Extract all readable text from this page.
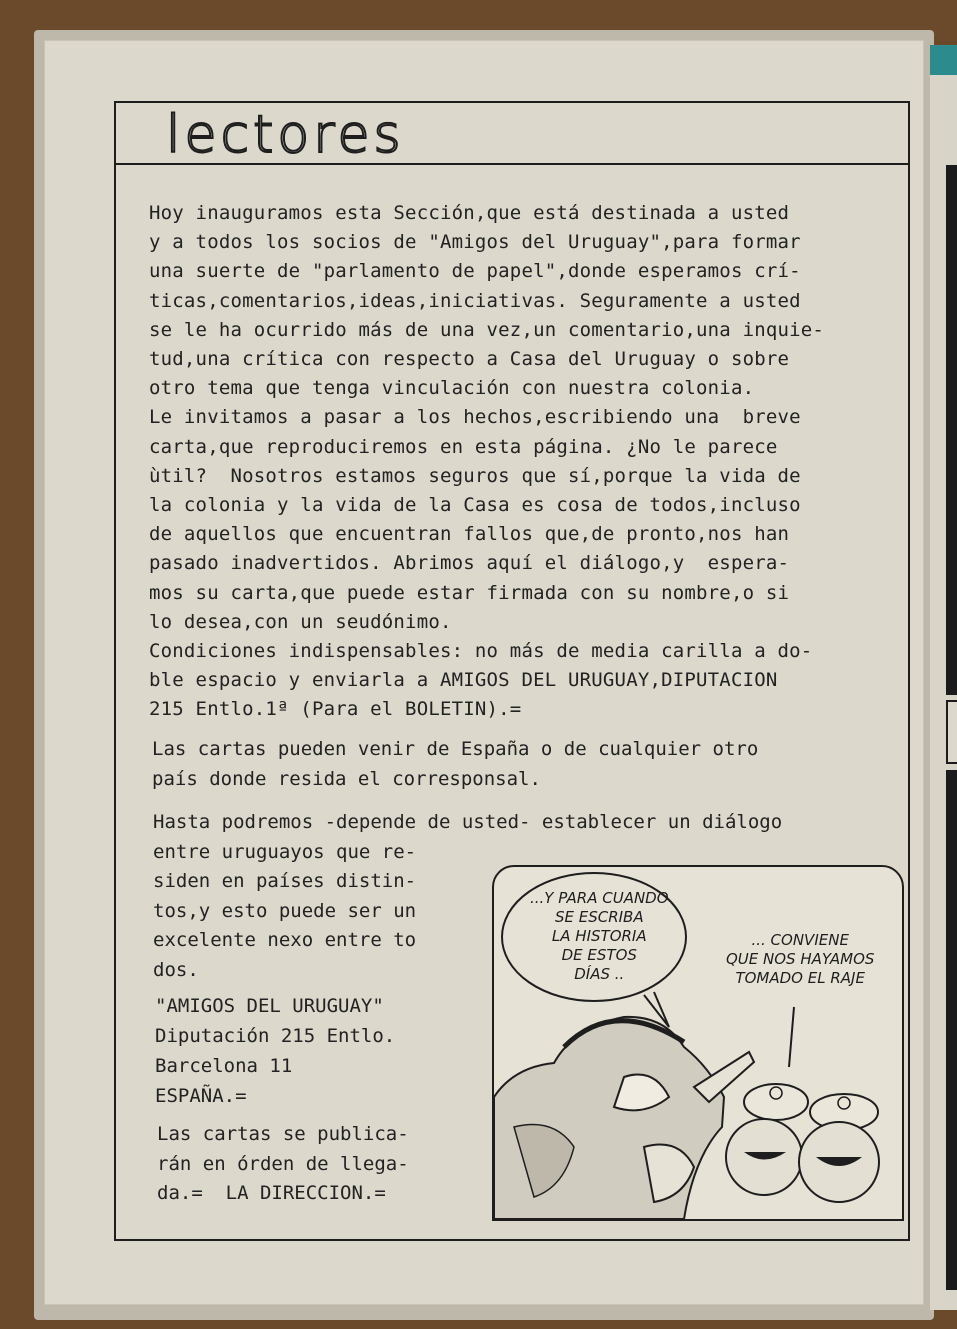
lectores
Hoy inauguramos esta Sección,que está destinada a usted
y a todos los socios de "Amigos del Uruguay",para formar
una suerte de "parlamento de papel",donde esperamos crí-
ticas,comentarios,ideas,iniciativas. Seguramente a usted
se le ha ocurrido más de una vez,un comentario,una inquie-
tud,una crítica con respecto a Casa del Uruguay o sobre
otro tema que tenga vinculación con nuestra colonia.
Le invitamos a pasar a los hechos,escribiendo una  breve
carta,que reproduciremos en esta página. ¿No le parece
ùtil?  Nosotros estamos seguros que sí,porque la vida de
la colonia y la vida de la Casa es cosa de todos,incluso
de aquellos que encuentran fallos que,de pronto,nos han
pasado inadvertidos. Abrimos aquí el diálogo,y  espera-
mos su carta,que puede estar firmada con su nombre,o si
lo desea,con un seudónimo.
Condiciones indispensables: no más de media carilla a do-
ble espacio y enviarla a AMIGOS DEL URUGUAY,DIPUTACION
215 Entlo.1ª (Para el BOLETIN).=
Las cartas pueden venir de España o de cualquier otro
país donde resida el corresponsal.
Hasta podremos -depende de usted- establecer un diálogo
entre uruguayos que re-
siden en países distin-
tos,y esto puede ser un
excelente nexo entre to
dos.
"AMIGOS DEL URUGUAY"
Diputación 215 Entlo.
Barcelona 11
ESPAÑA.=
Las cartas se publica-
rán en órden de llega-
da.=  LA DIRECCION.=
...Y PARA CUANDO
SE ESCRIBA
LA HISTORIA
DE ESTOS
DÍAS ..
... CONVIENE
QUE NOS HAYAMOS
TOMADO EL RAJE
